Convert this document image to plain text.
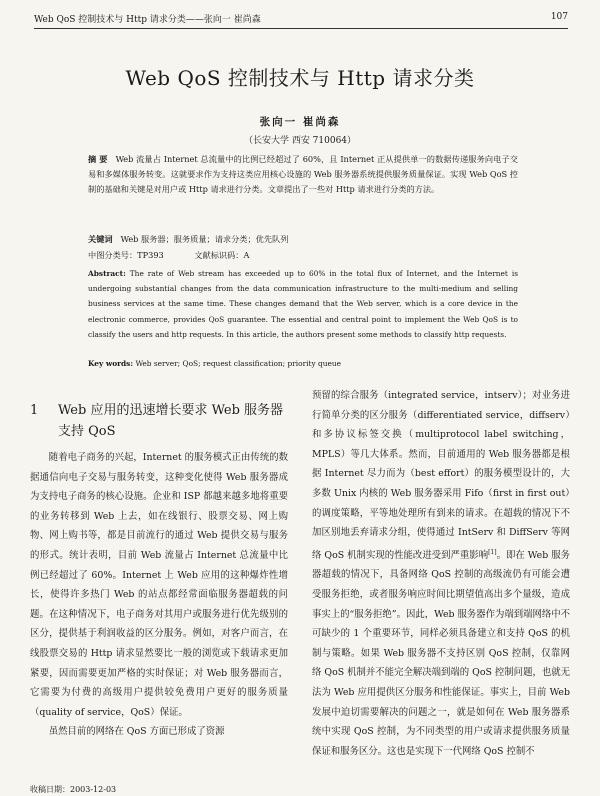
Web QoS 控制技术与 Http 请求分类——张向一 崔尚森	107
Web QoS 控制技术与 Http 请求分类
张向一 崔尚森
（长安大学 西安 710064）
摘 要 Web 流量占 Internet 总流量中的比例已经超过了 60%，且 Internet 正从提供单一的数据传递服务向电子交易和多媒体服务转变。这就要求作为支持这类应用核心设施的 Web 服务器系统提供服务质量保证。实现 Web QoS 控制的基础和关键是对用户或 Http 请求进行分类。文章提出了一些对 Http 请求进行分类的方法。
关键词 Web 服务器；服务质量；请求分类；优先队列
中图分类号：TP393	文献标识码：A
Abstract: The rate of Web stream has exceeded up to 60% in the total flux of Internet, and the Internet is undergoing substantial changes from the data communication infrastructure to the multi-medium and selling business services at the same time. These changes demand that the Web server, which is a core device in the electronic commerce, provides QoS guarantee. The essential and central point to implement the Web QoS is to classify the users and http requests. In this article, the authors present some methods to classify http requests.
Key words: Web server; QoS; request classification; priority queue
1	Web 应用的迅速增长要求 Web 服务器支持 QoS

随着电子商务的兴起，Internet 的服务模式正由传统的数据通信向电子交易与服务转变，这种变化使得 Web 服务器成为支持电子商务的核心设施。企业和 ISP 都越来越多地将重要的业务转移到 Web 上去，如在线银行、股票交易、网上购物、网上购书等，都是目前流行的通过 Web 提供交易与服务的形式。统计表明，目前 Web 流量占 Internet 总流量中比例已经超过了 60%。Internet 上 Web 应用的这种爆炸性增长，使得许多热门 Web 的站点都经常面临服务器超载的问题。在这种情况下，电子商务对其用户或服务进行优先级别的区分，提供基于利润收益的区分服务。例如，对客户而言，在线股票交易的 Http 请求显然要比一般的浏览或下载请求更加紧要，因而需要更加严格的实时保证；对 Web 服务器而言，它需要为付费的高级用户提供较免费用户更好的服务质量（quality of service，QoS）保证。

虽然目前的网络在 QoS 方面已形成了资源

预留的综合服务（integrated service，intserv）；对业务进行简单分类的区分服务（differentiated service，diffserv）和多协议标签交换（multiprotocol label switching，MPLS）等几大体系。然而，目前通用的 Web 服务器都是根据 Internet 尽力而为（best effort）的服务模型设计的，大多数 Unix 内核的 Web 服务器采用 Fifo（first in first out）的调度策略，平等地处理所有到来的请求。在超载的情况下不加区别地丢弃请求分组，使得通过 IntServ 和 DiffServ 等网络 QoS 机制实现的性能改进受到严重影响[1]。即在 Web 服务器超载的情况下，具备网络 QoS 控制的高级流仍有可能会遭受服务拒绝，或者服务响应时间比期望值高出多个量级，造成事实上的“服务拒绝”。因此，Web 服务器作为端到端网络中不可缺少的 1 个重要环节，同样必须具备建立和支持 QoS 的机制与策略。如果 Web 服务器不支持区别 QoS 控制，仅靠网络 QoS 机制并不能完全解决端到端的 QoS 控制问题，也就无法为 Web 应用提供区分服务和性能保证。事实上，目前 Web 发展中迫切需要解决的问题之一，就是如何在 Web 服务器系统中实现 QoS 控制，为不同类型的用户或请求提供服务质量保证和服务区分。这也是实现下一代网络 QoS 控制不

收稿日期：2003-12-03
